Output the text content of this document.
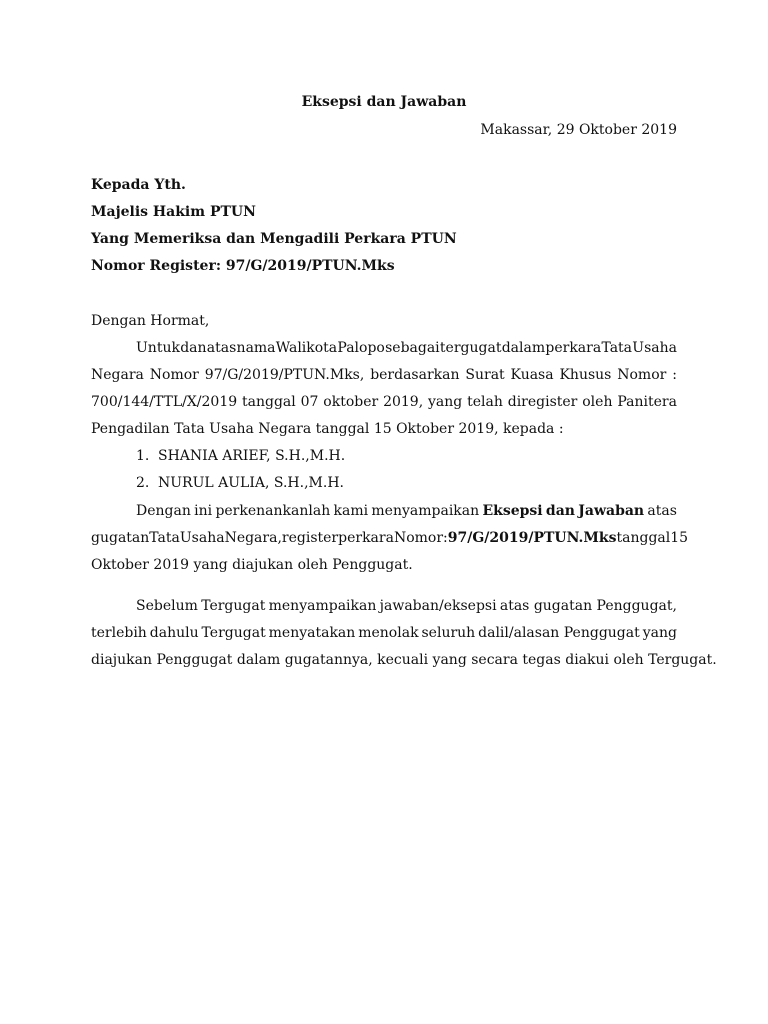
Eksepsi dan Jawaban
Makassar, 29 Oktober 2019
Kepada Yth.
Majelis Hakim PTUN
Yang Memeriksa dan Mengadili Perkara PTUN
Nomor Register: 97/G/2019/PTUN.Mks
Dengan Hormat,
Untuk dan atas nama Walikota Palopo sebagai tergugat dalam perkara Tata Usaha
Negara Nomor 97/G/2019/PTUN.Mks, berdasarkan Surat Kuasa Khusus Nomor :
700/144/TTL/X/2019 tanggal 07 oktober 2019, yang telah diregister oleh Panitera
Pengadilan Tata Usaha Negara tanggal 15 Oktober 2019, kepada :
1. SHANIA ARIEF, S.H.,M.H.
2. NURUL AULIA, S.H.,M.H.
Dengan ini perkenankanlah kami menyampaikan Eksepsi dan Jawaban atas
gugatan Tata Usaha Negara, register perkara Nomor : 97/G/2019/PTUN.Mks tanggal 15
Oktober 2019 yang diajukan oleh Penggugat.
Sebelum Tergugat menyampaikan jawaban/eksepsi atas gugatan Penggugat,
terlebih dahulu Tergugat menyatakan menolak seluruh dalil/alasan Penggugat yang
diajukan Penggugat dalam gugatannya, kecuali yang secara tegas diakui oleh Tergugat.
